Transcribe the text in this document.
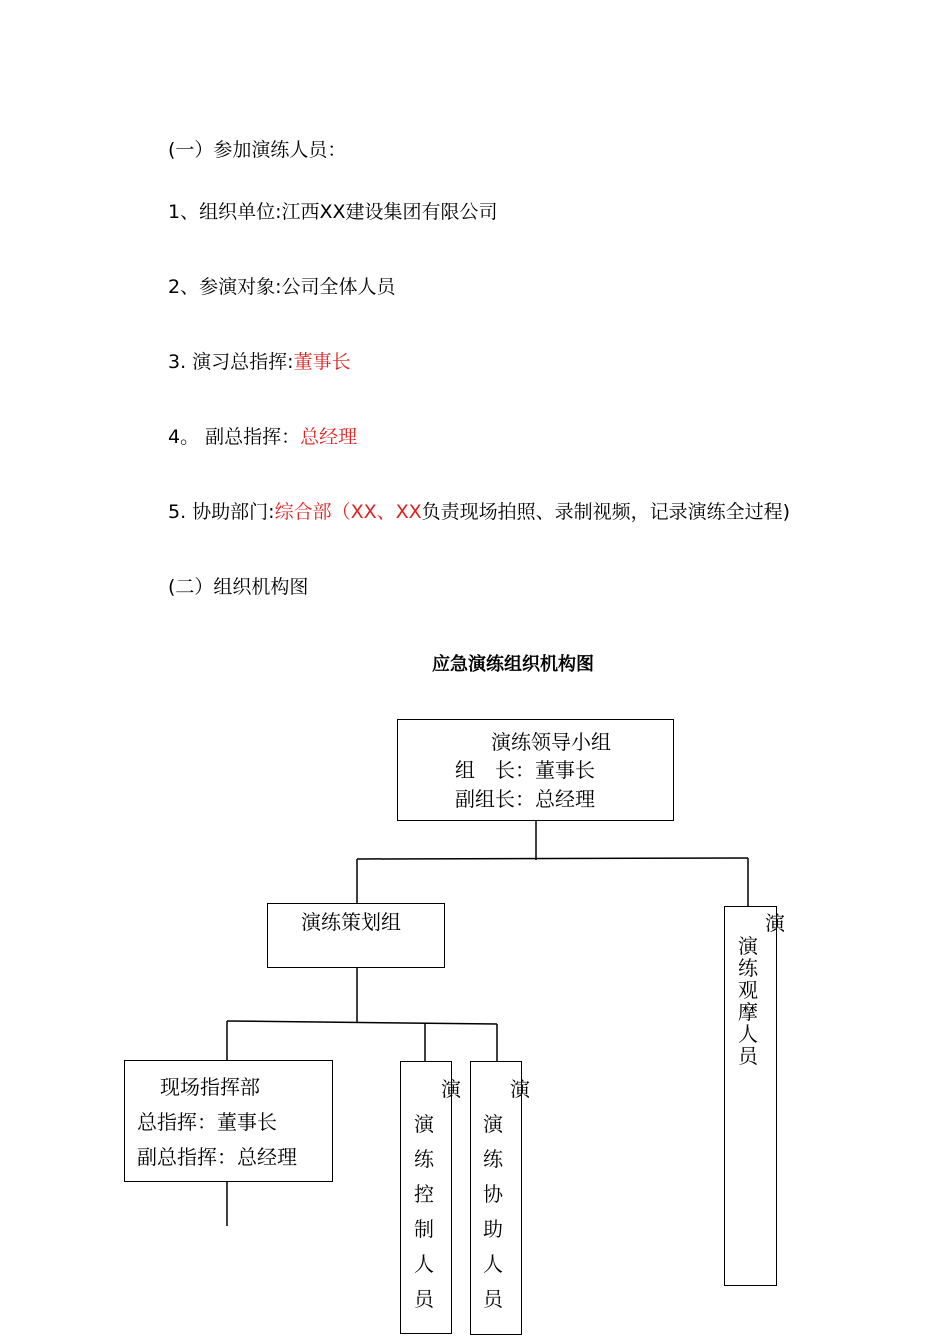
(一）参加演练人员：
1、组织单位:江西XX建设集团有限公司
2、参演对象:公司全体人员
3. 演习总指挥:董事长
4。 副总指挥：总经理
5. 协助部门:综合部（XX、XX负责现场拍照、录制视频，记录演练全过程)
(二）组织机构图
应急演练组织机构图
演练领导小组
组　长：董事长
副组长：总经理
演练策划组
现场指挥部
总指挥：董事长
副总指挥：总经理
演
演
练
控
制
人
员
演
演
练
协
助
人
员
演
演
练
观
摩
人
员
